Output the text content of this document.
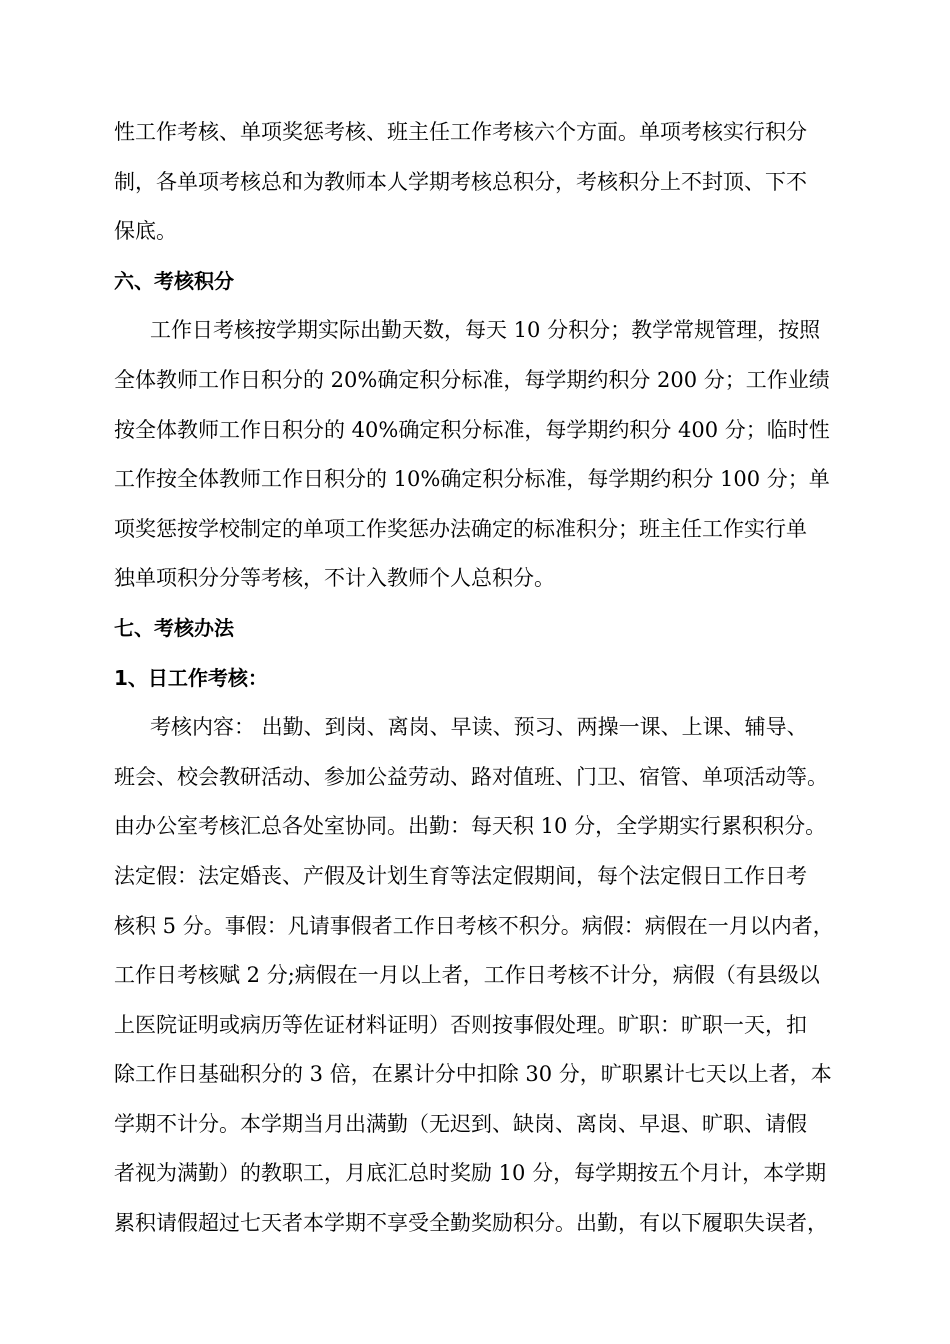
性工作考核、单项奖惩考核、班主任工作考核六个方面。单项考核实行积分
制，各单项考核总和为教师本人学期考核总积分，考核积分上不封顶、下不
保底。

六、考核积分

工作日考核按学期实际出勤天数，每天 10 分积分；教学常规管理，按照
全体教师工作日积分的 20%确定积分标准，每学期约积分 200 分；工作业绩
按全体教师工作日积分的 40%确定积分标准，每学期约积分 400 分；临时性
工作按全体教师工作日积分的 10%确定积分标准，每学期约积分 100 分；单
项奖惩按学校制定的单项工作奖惩办法确定的标准积分；班主任工作实行单
独单项积分分等考核，不计入教师个人总积分。

七、考核办法
1、日工作考核：

考核内容： 出勤、到岗、离岗、早读、预习、两操一课、上课、辅导、
班会、校会教研活动、参加公益劳动、路对值班、门卫、宿管、单项活动等。
由办公室考核汇总各处室协同。出勤：每天积 10 分，全学期实行累积积分。
法定假：法定婚丧、产假及计划生育等法定假期间，每个法定假日工作日考
核积 5 分。事假：凡请事假者工作日考核不积分。病假：病假在一月以内者，
工作日考核赋 2 分;病假在一月以上者，工作日考核不计分，病假（有县级以
上医院证明或病历等佐证材料证明）否则按事假处理。旷职：旷职一天，扣
除工作日基础积分的 3 倍，在累计分中扣除 30 分，旷职累计七天以上者，本
学期不计分。本学期当月出满勤（无迟到、缺岗、离岗、早退、旷职、请假
者视为满勤）的教职工，月底汇总时奖励 10 分，每学期按五个月计，本学期
累积请假超过七天者本学期不享受全勤奖励积分。出勤，有以下履职失误者，
